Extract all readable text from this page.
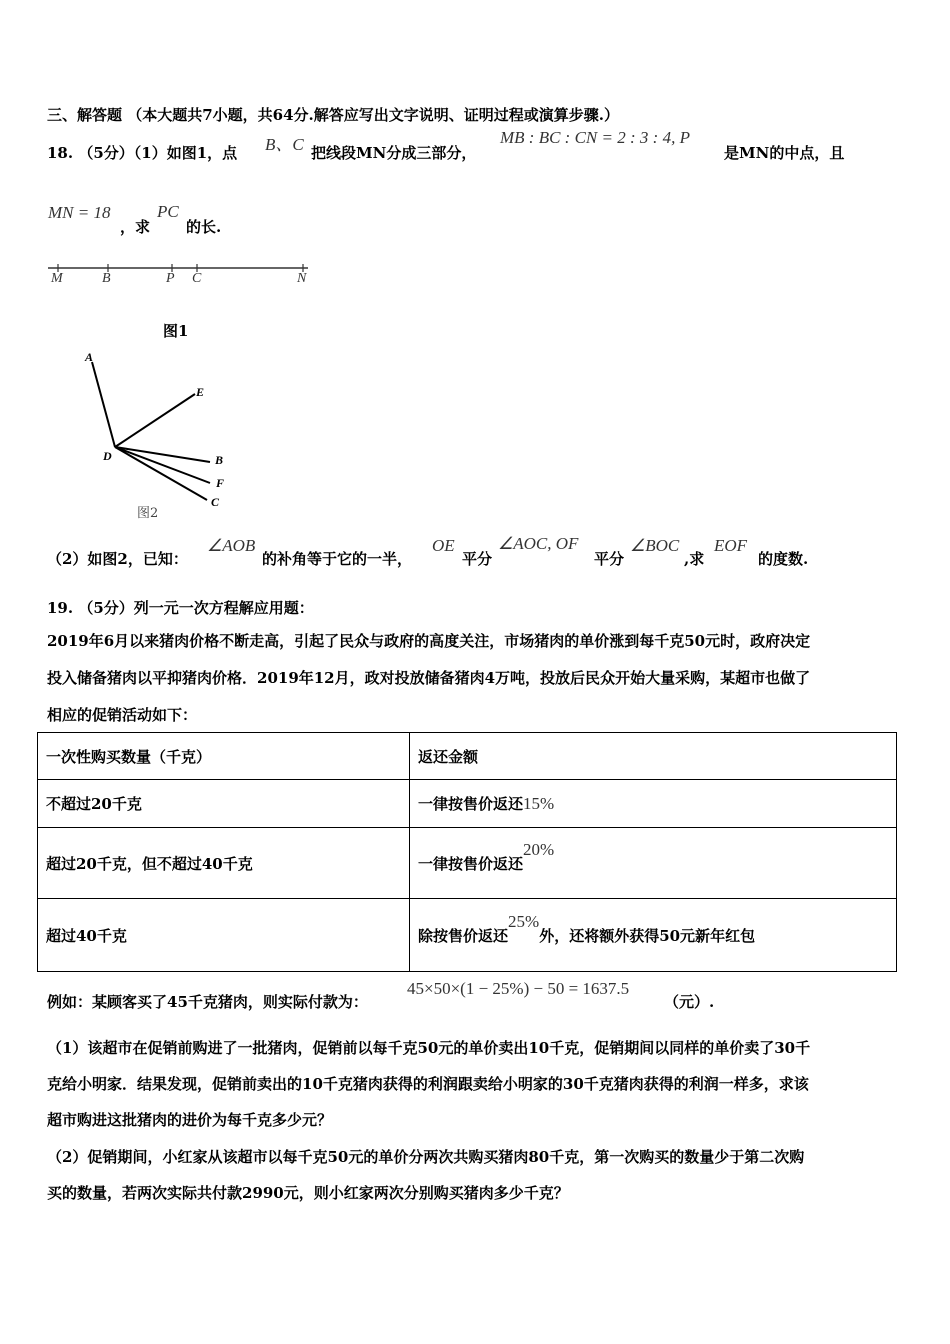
三、解答题 （本大题共7小题，共64分.解答应写出文字说明、证明过程或演算步骤.）
18. （5分）（1）如图1，点 B、C 把线段MN分成三部分，
MB : BC : CN = 2 : 3 : 4, P
是MN的中点，且
MN = 18
，求
PC
的长.
M	B	P C	N
图1
A
E
D	B
F
C
图2
（2）如图2，已知：
∠AOB
的补角等于它的一半，
OE
平分
∠AOC, OF
平分
∠BOC
,求
EOF
的度数.
19. （5分）列一元一次方程解应用题：
2019年6月以来猪肉价格不断走高，引起了民众与政府的高度关注，市场猪肉的单价涨到每千克50元时，政府决定
投入储备猪肉以平抑猪肉价格．2019年12月，政对投放储备猪肉4万吨，投放后民众开始大量采购，某超市也做了
相应的促销活动如下：
一次性购买数量（千克）	返还金额
不超过20千克	一律按售价返还15%
超过20千克，但不超过40千克	一律按售价返还20%
超过40千克	除按售价返还25%外，还将额外获得50元新年红包
例如：某顾客买了45千克猪肉，则实际付款为：
45×50×(1 − 25%) − 50 = 1637.5
（元）.
（1）该超市在促销前购进了一批猪肉，促销前以每千克50元的单价卖出10千克，促销期间以同样的单价卖了30千
克给小明家．结果发现，促销前卖出的10千克猪肉获得的利润跟卖给小明家的30千克猪肉获得的利润一样多，求该
超市购进这批猪肉的进价为每千克多少元？
（2）促销期间，小红家从该超市以每千克50元的单价分两次共购买猪肉80千克，第一次购买的数量少于第二次购
买的数量，若两次实际共付款2990元，则小红家两次分别购买猪肉多少千克？
